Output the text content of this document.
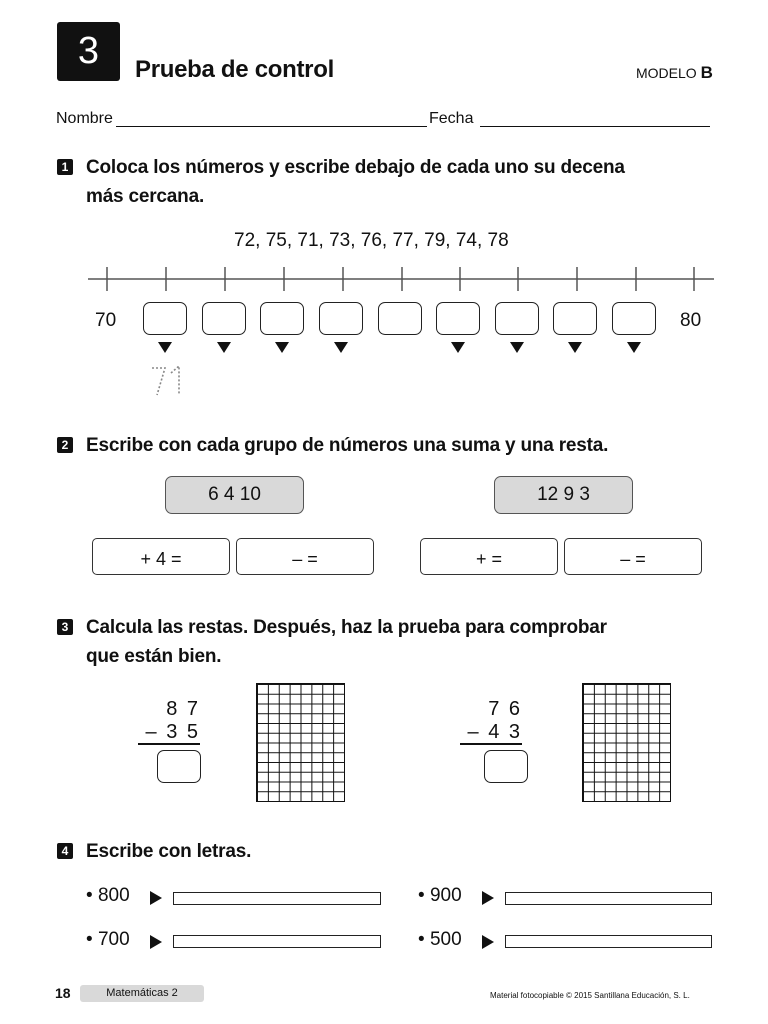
3	Prueba de control	MODELO B
Nombre	Fecha
1 Coloca los números y escribe debajo de cada uno su decena
más cercana.
72, 75, 71, 73, 76, 77, 79, 74, 78
70	80
2 Escribe con cada grupo de números una suma y una resta.
6 4 10	12 9 3
+ 4 =	– =	+ =	– =
3 Calcula las restas. Después, haz la prueba para comprobar
que están bien.
8 7
– 3 5
7 6
– 4 3
4 Escribe con letras.
• 800	• 900
• 700	• 500
18	Matemáticas 2	Material fotocopiable © 2015 Santillana Educación, S. L.
